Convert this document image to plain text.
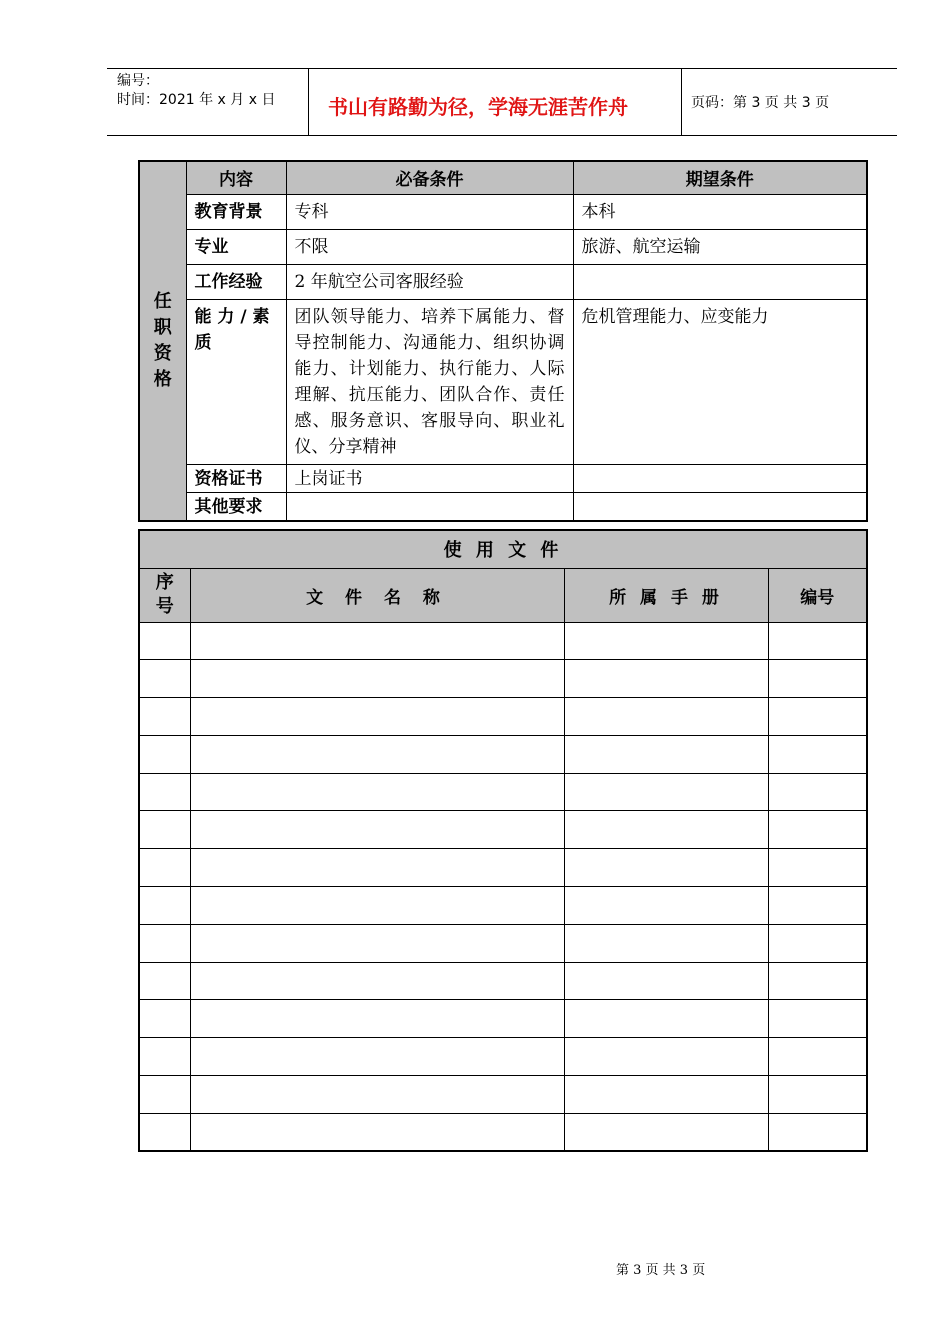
编号：
时间：2021 年 x 月 x 日	书山有路勤为径，学海无涯苦作舟	页码：第 3 页 共 3 页
任
职
资
格	内容	必备条件	期望条件
	教育背景	专科	本科
	专业	不限	旅游、航空运输
	工作经验	2 年航空公司客服经验	
	能 力 / 素 质	团队领导能力、培养下属能力、督导控制能力、沟通能力、组织协调能力、计划能力、执行能力、人际理解、抗压能力、团队合作、责任感、服务意识、客服导向、职业礼仪、分享精神	危机管理能力、应变能力
	资格证书	上岗证书	
	其他要求		
使 用 文 件			
序 号	文 件 名 称	所 属 手 册	编号

第 3 页 共 3 页
